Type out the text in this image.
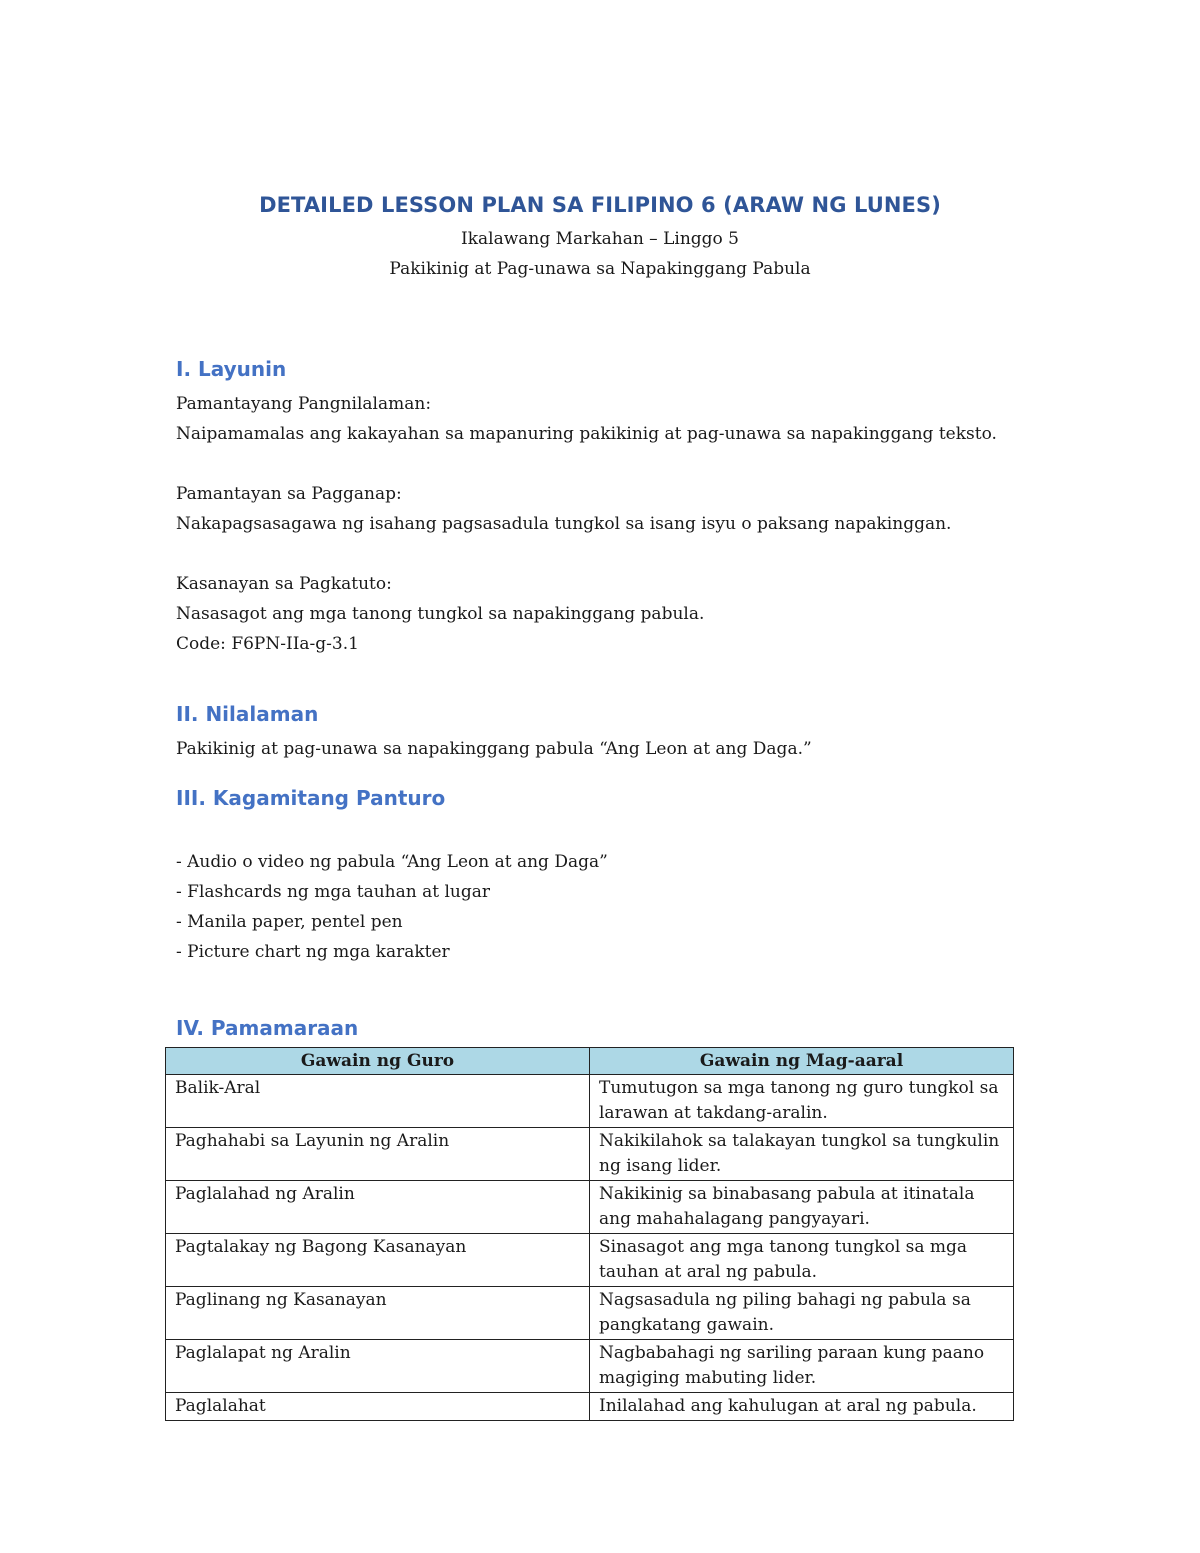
DETAILED LESSON PLAN SA FILIPINO 6 (ARAW NG LUNES)
Ikalawang Markahan – Linggo 5
Pakikinig at Pag-unawa sa Napakinggang Pabula
I. Layunin
Pamantayang Pangnilalaman:
Naipamamalas ang kakayahan sa mapanuring pakikinig at pag-unawa sa napakinggang teksto.
Pamantayan sa Pagganap:
Nakapagsasagawa ng isahang pagsasadula tungkol sa isang isyu o paksang napakinggan.
Kasanayan sa Pagkatuto:
Nasasagot ang mga tanong tungkol sa napakinggang pabula.
Code: F6PN-IIa-g-3.1
II. Nilalaman
Pakikinig at pag-unawa sa napakinggang pabula “Ang Leon at ang Daga.”
III. Kagamitang Panturo
- Audio o video ng pabula “Ang Leon at ang Daga”
- Flashcards ng mga tauhan at lugar
- Manila paper, pentel pen
- Picture chart ng mga karakter
IV. Pamamaraan
Gawain ng Guro	Gawain ng Mag-aaral
Balik-Aral	Tumutugon sa mga tanong ng guro tungkol sa larawan at takdang-aralin.
Paghahabi sa Layunin ng Aralin	Nakikilahok sa talakayan tungkol sa tungkulin ng isang lider.
Paglalahad ng Aralin	Nakikinig sa binabasang pabula at itinatala ang mahahalagang pangyayari.
Pagtalakay ng Bagong Kasanayan	Sinasagot ang mga tanong tungkol sa mga tauhan at aral ng pabula.
Paglinang ng Kasanayan	Nagsasadula ng piling bahagi ng pabula sa pangkatang gawain.
Paglalapat ng Aralin	Nagbabahagi ng sariling paraan kung paano magiging mabuting lider.
Paglalahat	Inilalahad ang kahulugan at aral ng pabula.
